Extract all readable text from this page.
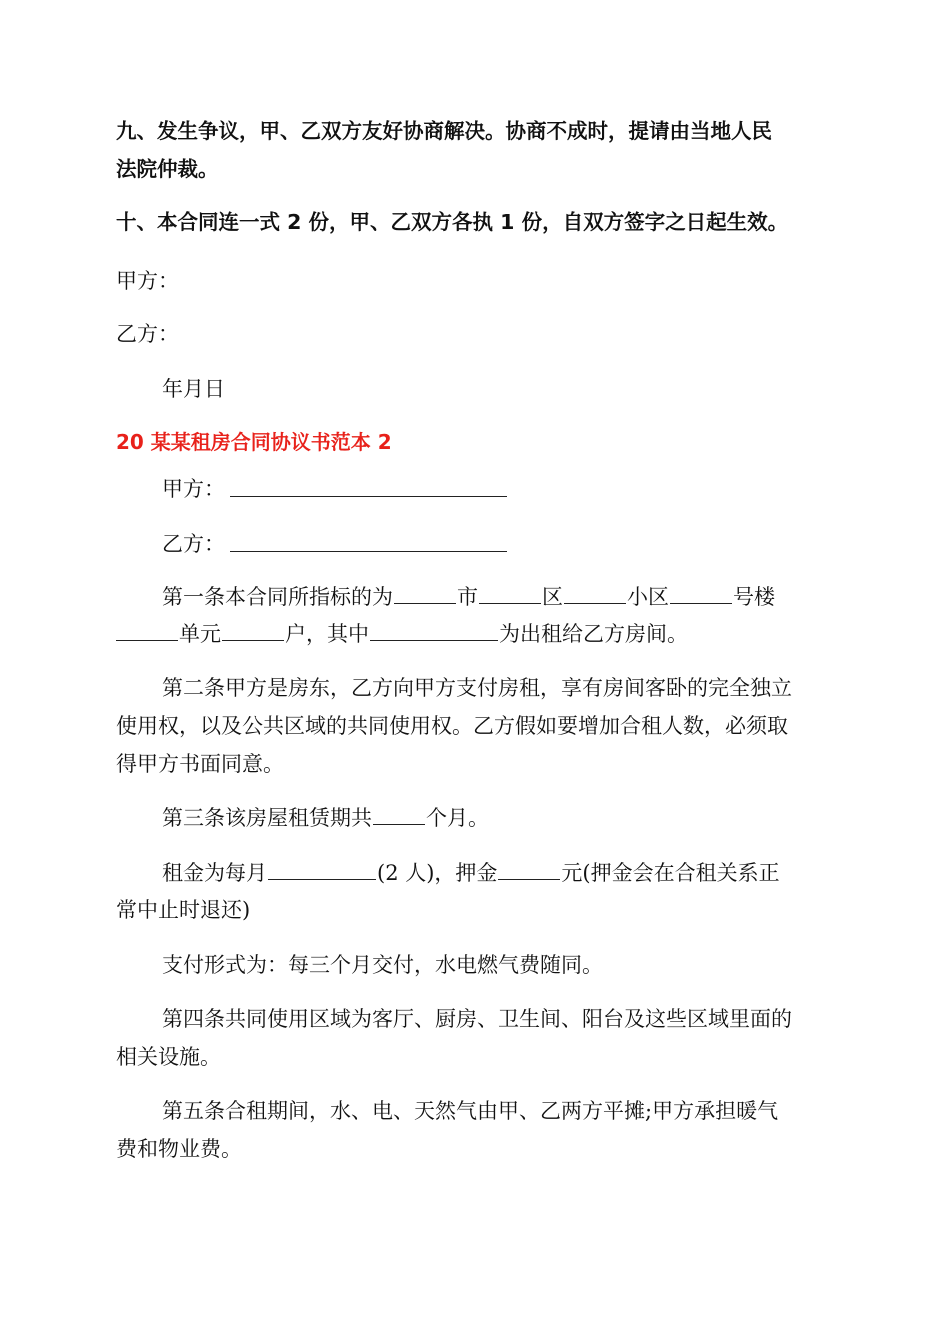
九、发生争议，甲、乙双方友好协商解决。协商不成时，提请由当地人民
法院仲裁。
十、本合同连一式 2 份，甲、乙双方各执 1 份，自双方签字之日起生效。
甲方：
乙方：
年月日
20 某某租房合同协议书范本 2
甲方：
乙方：
第一条本合同所指标的为	市	区	小区	号楼
单元	户，其中	为出租给乙方房间。
第二条甲方是房东，乙方向甲方支付房租，享有房间客卧的完全独立
使用权，以及公共区域的共同使用权。乙方假如要增加合租人数，必须取
得甲方书面同意。
第三条该房屋租赁期共	个月。
租金为每月	(2 人)，押金	元(押金会在合租关系正
常中止时退还)
支付形式为：每三个月交付，水电燃气费随同。
第四条共同使用区域为客厅、厨房、卫生间、阳台及这些区域里面的
相关设施。
第五条合租期间，水、电、天然气由甲、乙两方平摊;甲方承担暖气
费和物业费。
